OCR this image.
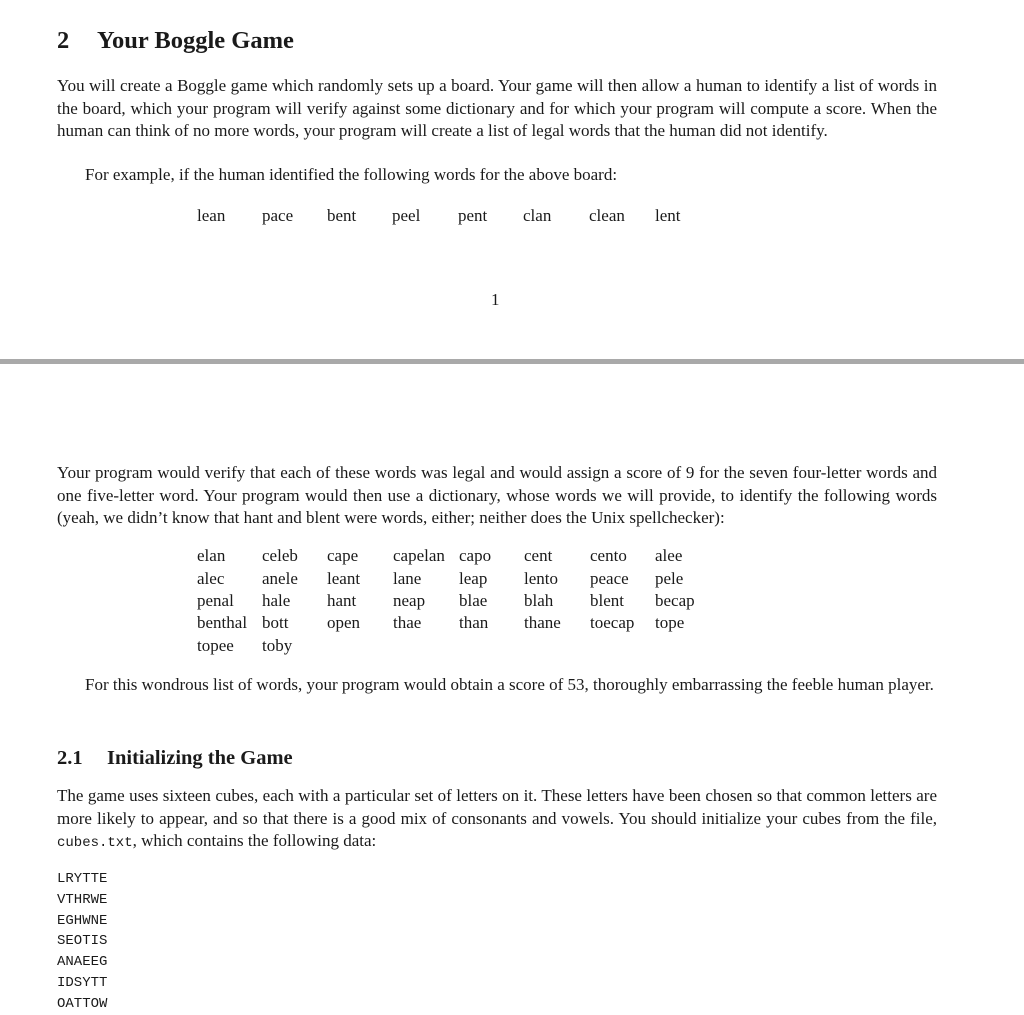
2 Your Boggle Game
You will create a Boggle game which randomly sets up a board. Your game will then allow a human to identify a list of words in the board, which your program will verify against some dictionary and for which your program will compute a score. When the human can think of no more words, your program will create a list of legal words that the human did not identify.
For example, if the human identified the following words for the above board:
lean pace bent peel pent clan clean lent
1
Your program would verify that each of these words was legal and would assign a score of 9 for the seven four-letter words and one five-letter word. Your program would then use a dictionary, whose words we will provide, to identify the following words (yeah, we didn’t know that hant and blent were words, either; neither does the Unix spellchecker):
elan celeb cape capelan capo cent cento alee
alec anele leant lane leap lento peace pele
penal hale hant neap blae blah blent becap
benthal bott open thae than thane toecap tope
topee toby
For this wondrous list of words, your program would obtain a score of 53, thoroughly embarrassing the feeble human player.
2.1 Initializing the Game
The game uses sixteen cubes, each with a particular set of letters on it. These letters have been chosen so that common letters are more likely to appear, and so that there is a good mix of consonants and vowels. You should initialize your cubes from the file, cubes.txt, which contains the following data:
LRYTTE
VTHRWE
EGHWNE
SEOTIS
ANAEEG
IDSYTT
OATTOW
